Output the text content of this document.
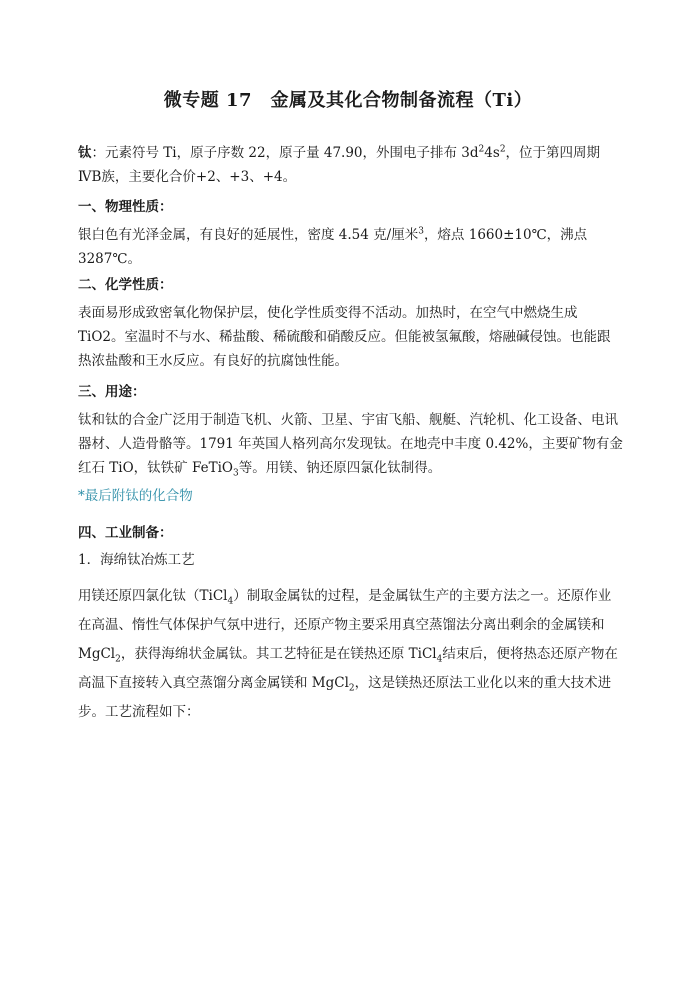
微专题 17　金属及其化合物制备流程（Ti）

钛：元素符号 Ti，原子序数 22，原子量 47.90，外围电子排布 $3d^24s^2$，位于第四周期ⅣB族，主要化合价+2、+3、+4。

一、物理性质：

银白色有光泽金属，有良好的延展性，密度 4.54 克/厘米$^3$，熔点 1660±10℃，沸点 3287℃。

二、化学性质：

表面易形成致密氧化物保护层，使化学性质变得不活动。加热时，在空气中燃烧生成 TiO2。室温时不与水、稀盐酸、稀硫酸和硝酸反应。但能被氢氟酸，熔融碱侵蚀。也能跟热浓盐酸和王水反应。有良好的抗腐蚀性能。

三、用途：

钛和钛的合金广泛用于制造飞机、火箭、卫星、宇宙飞船、舰艇、汽轮机、化工设备、电讯器材、人造骨骼等。1791 年英国人格列高尔发现钛。在地壳中丰度 0.42%，主要矿物有金红石 TiO，钛铁矿 FeTiO$_3$等。用镁、钠还原四氯化钛制得。

*最后附钛的化合物

四、工业制备：

1．海绵钛冶炼工艺

用镁还原四氯化钛（TiCl$_4$）制取金属钛的过程，是金属钛生产的主要方法之一。还原作业在高温、惰性气体保护气氛中进行，还原产物主要采用真空蒸馏法分离出剩余的金属镁和 MgCl$_2$，获得海绵状金属钛。其工艺特征是在镁热还原 TiCl$_4$结束后，便将热态还原产物在高温下直接转入真空蒸馏分离金属镁和 MgCl$_2$，这是镁热还原法工业化以来的重大技术进步。工艺流程如下：
